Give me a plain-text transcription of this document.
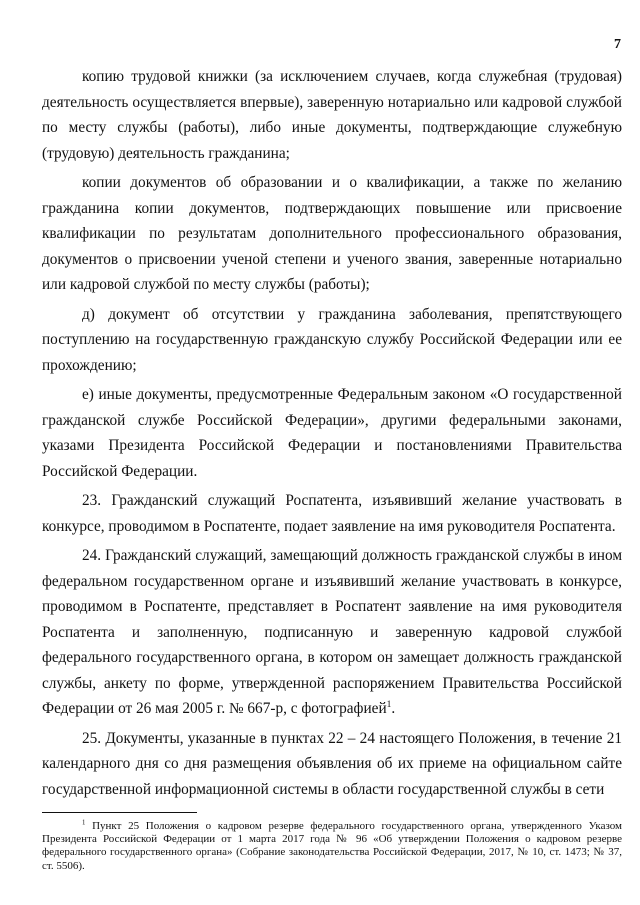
7

копию трудовой книжки (за исключением случаев, когда служебная (трудовая) деятельность осуществляется впервые), заверенную нотариально или кадровой службой по месту службы (работы), либо иные документы, подтверждающие служебную (трудовую) деятельность гражданина;

копии документов об образовании и о квалификации, а также по желанию гражданина копии документов, подтверждающих повышение или присвоение квалификации по результатам дополнительного профессионального образования, документов о присвоении ученой степени и ученого звания, заверенные нотариально или кадровой службой по месту службы (работы);

д) документ об отсутствии у гражданина заболевания, препятствующего поступлению на государственную гражданскую службу Российской Федерации или ее прохождению;

е) иные документы, предусмотренные Федеральным законом «О государственной гражданской службе Российской Федерации», другими федеральными законами, указами Президента Российской Федерации и постановлениями Правительства Российской Федерации.

23. Гражданский служащий Роспатента, изъявивший желание участвовать в конкурсе, проводимом в Роспатенте, подает заявление на имя руководителя Роспатента.

24. Гражданский служащий, замещающий должность гражданской службы в ином федеральном государственном органе и изъявивший желание участвовать в конкурсе, проводимом в Роспатенте, представляет в Роспатент заявление на имя руководителя Роспатента и заполненную, подписанную и заверенную кадровой службой федерального государственного органа, в котором он замещает должность гражданской службы, анкету по форме, утвержденной распоряжением Правительства Российской Федерации от 26 мая 2005 г. № 667-р, с фотографией$^1$.

25. Документы, указанные в пунктах 22 – 24 настоящего Положения, в течение 21 календарного дня со дня размещения объявления об их приеме на официальном сайте государственной информационной системы в области государственной службы в сети

$^1$ Пункт 25 Положения о кадровом резерве федерального государственного органа, утвержденного Указом Президента Российской Федерации от 1 марта 2017 года № 96 «Об утверждении Положения о кадровом резерве федерального государственного органа» (Собрание законодательства Российской Федерации, 2017, № 10, ст. 1473; № 37, ст. 5506).
